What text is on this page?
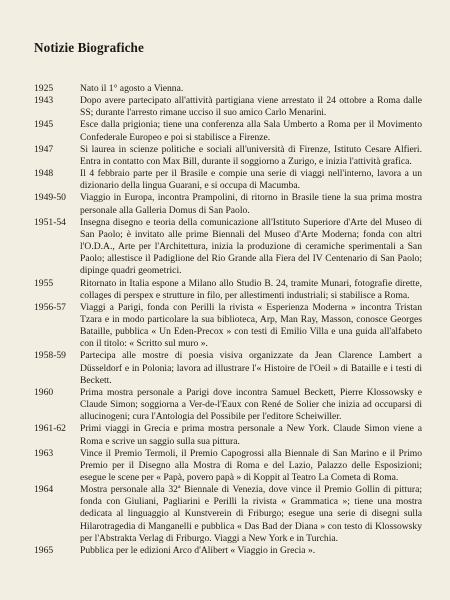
Notizie Biografiche
1925	Nato il 1° agosto a Vienna.
1943	Dopo avere partecipato all'attività partigiana viene arrestato il 24 ottobre a Roma dalle SS; durante l'arresto rimane ucciso il suo amico Carlo Menarini.
1945	Esce dalla prigionia; tiene una conferenza alla Sala Umberto a Roma per il Movimento Confederale Europeo e poi si stabilisce a Firenze.
1947	Si laurea in scienze politiche e sociali all'università di Firenze, Istituto Cesare Alfieri. Entra in contatto con Max Bill, durante il soggiorno a Zurigo, e inizia l'attività grafica.
1948	Il 4 febbraio parte per il Brasile e compie una serie di viaggi nell'interno, lavora a un dizionario della lingua Guarani, e si occupa di Macumba.
1949-50	Viaggio in Europa, incontra Prampolini, di ritorno in Brasile tiene la sua prima mostra personale alla Galleria Domus di San Paolo.
1951-54	Insegna disegno e teoria della comunicazione all'Istituto Superiore d'Arte del Museo di San Paolo; è invitato alle prime Biennali del Museo d'Arte Moderna; fonda con altri l'O.D.A., Arte per l'Architettura, inizia la produzione di ceramiche sperimentali a San Paolo; allestisce il Padiglione del Rio Grande alla Fiera del IV Centenario di San Paolo; dipinge quadri geometrici.
1955	Ritornato in Italia espone a Milano allo Studio B. 24, tramite Munari, fotografie dirette, collages di perspex e strutture in filo, per allestimenti industriali; si stabilisce a Roma.
1956-57	Viaggi a Parigi, fonda con Perilli la rivista « Esperienza Moderna » incontra Tristan Tzara e in modo particolare la sua biblioteca, Arp, Man Ray, Masson, conosce Georges Bataille, pubblica « Un Eden-Precox » con testi di Emilio Villa e una guida all'alfabeto con il titolo: « Scritto sul muro ».
1958-59	Partecipa alle mostre di poesia visiva organizzate da Jean Clarence Lambert a Düsseldorf e in Polonia; lavora ad illustrare l'« Histoire de l'Oeil » di Bataille e i testi di Beckett.
1960	Prima mostra personale a Parigi dove incontra Samuel Beckett, Pierre Klossowsky e Claude Simon; soggiorna a Ver-de-l'Eaux con René de Solier che inizia ad occuparsi di allucinogeni; cura l'Antologia del Possibile per l'editore Scheiwiller.
1961-62	Primi viaggi in Grecia e prima mostra personale a New York. Claude Simon viene a Roma e scrive un saggio sulla sua pittura.
1963	Vince il Premio Termoli, il Premio Capogrossi alla Biennale di San Marino e il Primo Premio per il Disegno alla Mostra di Roma e del Lazio, Palazzo delle Esposizioni; esegue le scene per « Papà, povero papà » di Koppit al Teatro La Cometa di Roma.
1964	Mostra personale alla 32ª Biennale di Venezia, dove vince il Premio Gollin di pittura; fonda con Giuliani, Pagliarini e Perilli la rivista « Grammatica »; tiene una mostra dedicata al linguaggio al Kunstverein di Friburgo; esegue una serie di disegni sulla Hilarotragedia di Manganelli e pubblica « Das Bad der Diana » con testo di Klossowsky per l'Abstrakta Verlag di Friburgo. Viaggi a New York e in Turchia.
1965	Pubblica per le edizioni Arco d'Alibert « Viaggio in Grecia ».
